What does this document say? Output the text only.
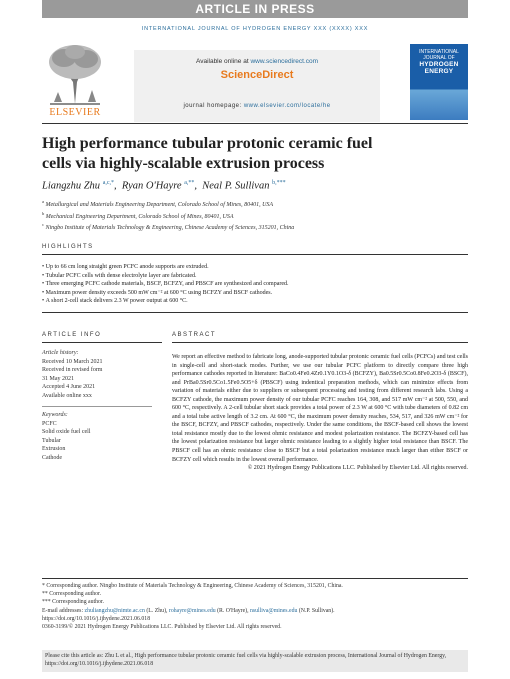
ARTICLE IN PRESS
INTERNATIONAL JOURNAL OF HYDROGEN ENERGY XXX (XXXX) XXX
ELSEVIER
Available online at www.sciencedirect.com
ScienceDirect
journal homepage: www.elsevier.com/locate/he
INTERNATIONAL JOURNAL OF
HYDROGEN
ENERGY
High performance tubular protonic ceramic fuel
cells via highly-scalable extrusion process
Liangzhu Zhu $^{a,c,*}$,  Ryan O'Hayre $^{a,**}$,  Neal P. Sullivan $^{b,***}$
$^a$ Metallurgical and Materials Engineering Department, Colorado School of Mines, 80401, USA
$^b$ Mechanical Engineering Department, Colorado School of Mines, 80401, USA
$^c$ Ningbo Institute of Materials Technology & Engineering, Chinese Academy of Sciences, 315201, China
HIGHLIGHTS
• Up to 66 cm long straight green PCFC anode supports are extruded.
• Tubular PCFC cells with dense electrolyte layer are fabricated.
• Three emerging PCFC cathode materials, BSCF, BCFZY, and PBSCF are synthesized and compared.
• Maximum power density exceeds 500 mW cm⁻² at 600 °C using BCFZY and BSCF cathodes.
• A short 2-cell stack delivers 2.3 W power output at 600 °C.
ARTICLE INFO
Article history:
Received 10 March 2021
Received in revised form
31 May 2021
Accepted 4 June 2021
Available online xxx
Keywords:
PCFC
Solid oxide fuel cell
Tubular
Extrusion
Cathode
ABSTRACT
We report an effective method to fabricate long, anode-supported tubular protonic ceramic fuel cells (PCFCs) and test cells in single-cell and short-stack modes. Further, we use our tubular PCFC platform to directly compare three high performance cathodes reported in literature: BaCo0.4Fe0.4Zr0.1Y0.1O3-δ (BCFZY), Ba0.5Sr0.5Co0.8Fe0.2O3-δ (BSCF), and PrBa0.5Sr0.5Co1.5Fe0.5O5+δ (PBSCF) using indentical preparation methods, which can minimize effects from variation of materials either due to suppliers or subsequent processing and testing from different research labs. Using a BCFZY cathode, the maximum power density of our tubular PCFC reaches 164, 308, and 517 mW cm⁻² at 500, 550, and 600 °C, respectively. A 2-cell tubular short stack provides a total power of 2.3 W at 600 °C with tube diameters of 0.82 cm and a total tube active length of 3.2 cm. At 600 °C, the maximum power density reaches, 534, 517, and 326 mW cm⁻² for the BSCF, BCFZY, and PBSCF cathodes, respectively. Under the same conditions, the BSCF-based cell shows the lowest total resistance mostly due to the lowest ohmic resistance and modest polarization resistance. The BCFZY-based cell has the lowest polarization resistance but larger ohmic resistance leading to a slightly higher total resistance than BSCF. The PBSCF cell has an ohmic resistance close to BSCF but a total polarization resistance much larger than either BSCF or BCFZY cell which results in the lowest overall performance.
© 2021 Hydrogen Energy Publications LLC. Published by Elsevier Ltd. All rights reserved.
* Corresponding author. Ningbo Institute of Materials Technology & Engineering, Chinese Academy of Sciences, 315201, China.
** Corresponding author.
*** Corresponding author.
E-mail addresses: zhuliangzhu@nimte.ac.cn (L. Zhu), rohayre@mines.edu (R. O'Hayre), nsulliva@mines.edu (N.P. Sullivan).
https://doi.org/10.1016/j.ijhydene.2021.06.018
0360-3199/© 2021 Hydrogen Energy Publications LLC. Published by Elsevier Ltd. All rights reserved.
Please cite this article as: Zhu L et al., High performance tubular protonic ceramic fuel cells via highly-scalable extrusion process, International Journal of Hydrogen Energy, https://doi.org/10.1016/j.ijhydene.2021.06.018
